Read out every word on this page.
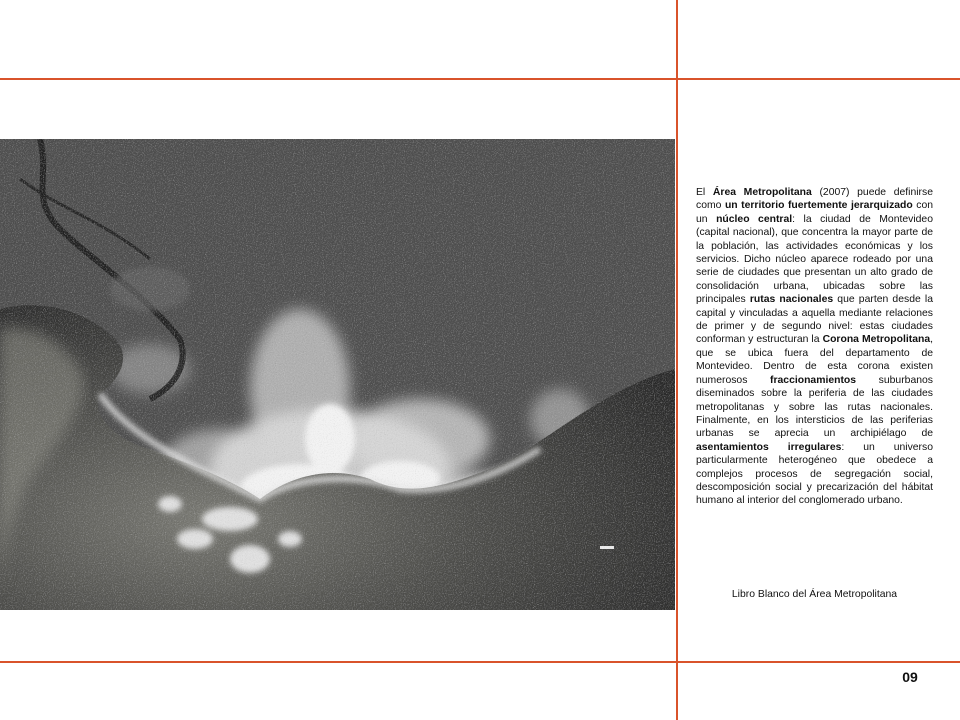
El Área Metropolitana (2007) puede definirse como un territorio fuertemente jerarquizado con un núcleo central: la ciudad de Montevideo (capital nacional), que concentra la mayor parte de la población, las actividades económicas y los servicios. Dicho núcleo aparece rodeado por una serie de ciudades que presentan un alto grado de consolidación urbana, ubicadas sobre las principales rutas nacionales que parten desde la capital y vinculadas a aquella mediante relaciones de primer y de segundo nivel: estas ciudades conforman y estructuran la Corona Metropolitana, que se ubica fuera del departamento de Montevideo. Dentro de esta corona existen numerosos fraccionamientos suburbanos diseminados sobre la periferia de las ciudades metropolitanas y sobre las rutas nacionales. Finalmente, en los intersticios de las periferias urbanas se aprecia un archipiélago de asentamientos irregulares: un universo particularmente heterogéneo que obedece a complejos procesos de segregación social, descomposición social y precarización del hábitat humano al interior del conglomerado urbano.

Libro Blanco del Área Metropolitana
09
